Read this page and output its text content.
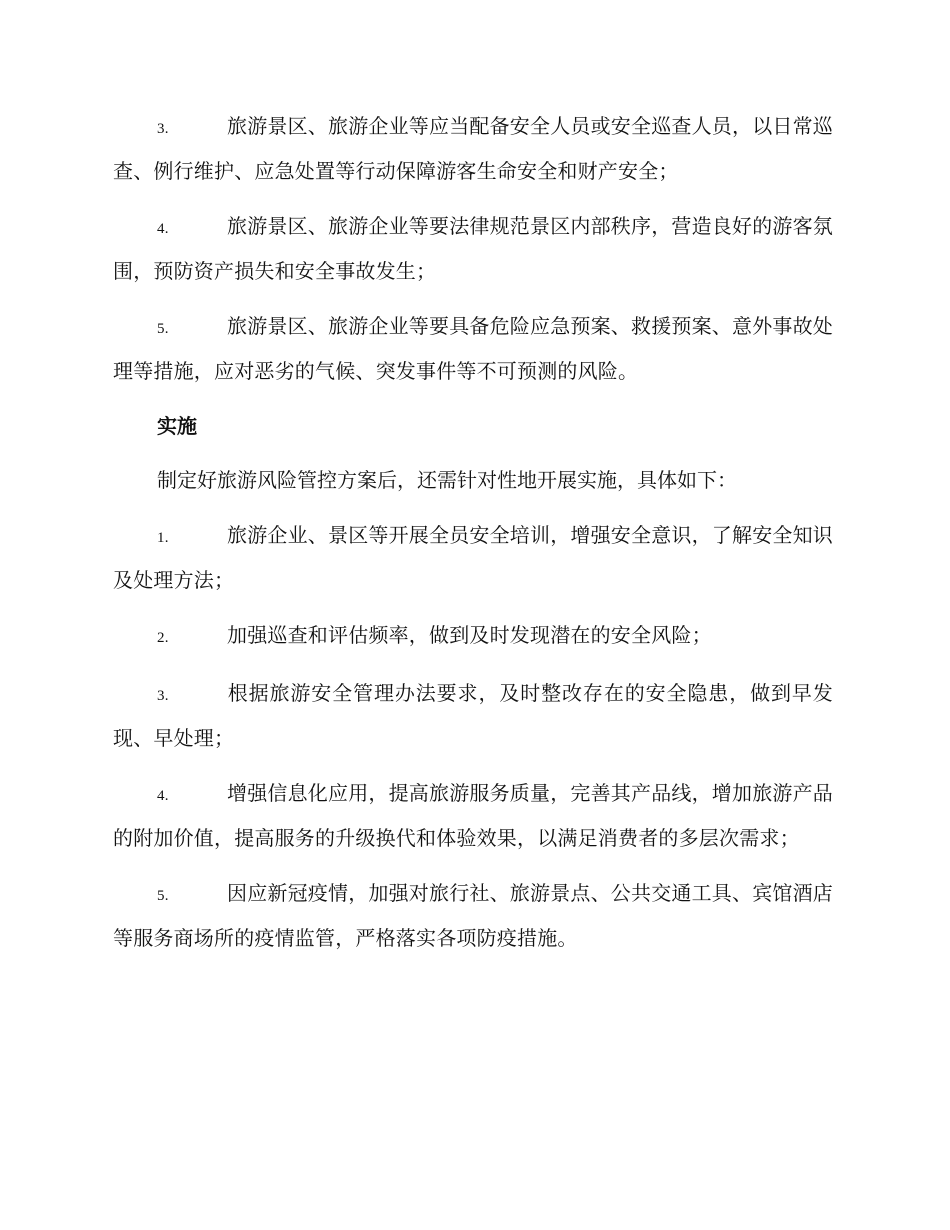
3.	旅游景区、旅游企业等应当配备安全人员或安全巡查人员，以日常巡查、例行维护、应急处置等行动保障游客生命安全和财产安全；

4.	旅游景区、旅游企业等要法律规范景区内部秩序，营造良好的游客氛围，预防资产损失和安全事故发生；

5.	旅游景区、旅游企业等要具备危险应急预案、救援预案、意外事故处理等措施，应对恶劣的气候、突发事件等不可预测的风险。

实施

制定好旅游风险管控方案后，还需针对性地开展实施，具体如下：

1.	旅游企业、景区等开展全员安全培训，增强安全意识，了解安全知识及处理方法；

2.	加强巡查和评估频率，做到及时发现潜在的安全风险；

3.	根据旅游安全管理办法要求，及时整改存在的安全隐患，做到早发现、早处理；

4.	增强信息化应用，提高旅游服务质量，完善其产品线，增加旅游产品的附加价值，提高服务的升级换代和体验效果，以满足消费者的多层次需求；

5.	因应新冠疫情，加强对旅行社、旅游景点、公共交通工具、宾馆酒店等服务商场所的疫情监管，严格落实各项防疫措施。
